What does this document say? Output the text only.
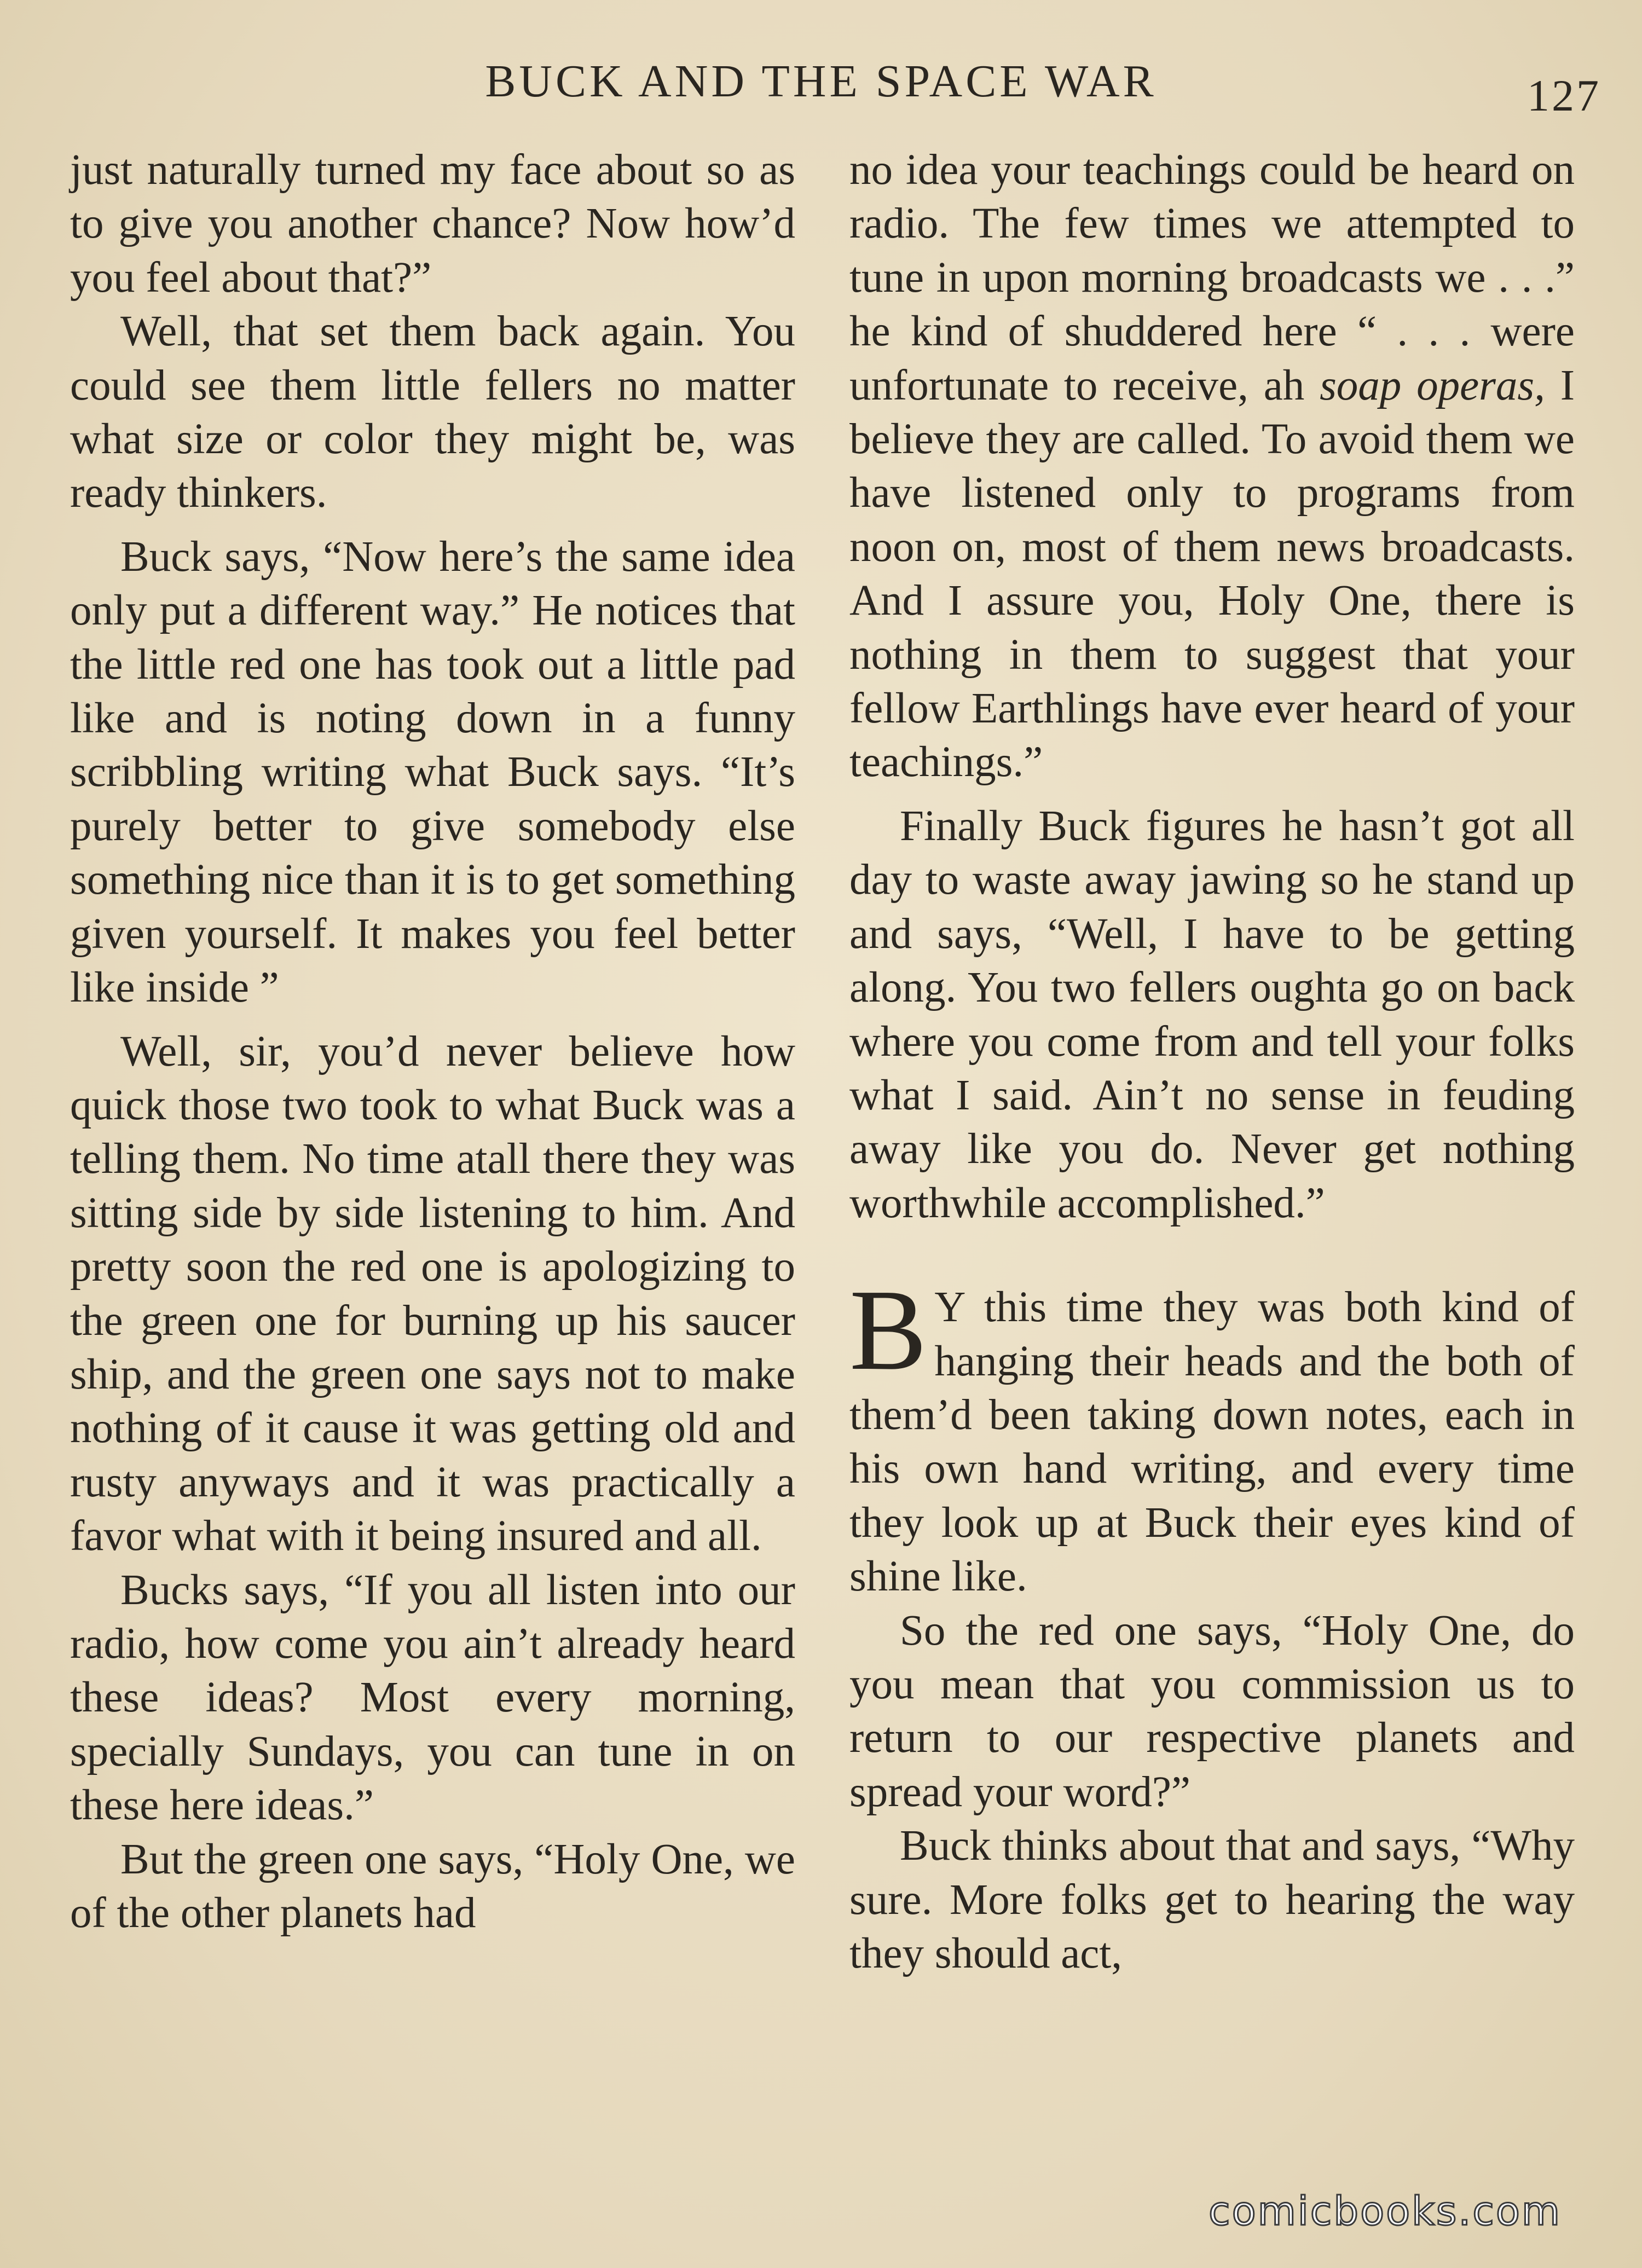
BUCK AND THE SPACE WAR	127

just naturally turned my face about so as to give you another chance? Now how’d you feel about that?”

Well, that set them back again. You could see them little fellers no matter what size or color they might be, was ready thinkers.

Buck says, “Now here’s the same idea only put a different way.” He notices that the little red one has took out a little pad like and is noting down in a funny scribbling writing what Buck says. “It’s purely better to give somebody else something nice than it is to get something given yourself. It makes you feel better like inside ”

Well, sir, you’d never believe how quick those two took to what Buck was a telling them. No time atall there they was sitting side by side listening to him. And pretty soon the red one is apologizing to the green one for burning up his saucer ship, and the green one says not to make nothing of it cause it was getting old and rusty anyways and it was practically a favor what with it being insured and all.

Bucks says, “If you all listen into our radio, how come you ain’t already heard these ideas? Most every morning, specially Sundays, you can tune in on these here ideas.”

But the green one says, “Holy One, we of the other planets had

no idea your teachings could be heard on radio. The few times we attempted to tune in upon morning broadcasts we . . .” he kind of shuddered here “ . . . were unfortunate to receive, ah soap operas, I believe they are called. To avoid them we have listened only to programs from noon on, most of them news broadcasts. And I assure you, Holy One, there is nothing in them to suggest that your fellow Earthlings have ever heard of your teachings.”

Finally Buck figures he hasn’t got all day to waste away jawing so he stand up and says, “Well, I have to be getting along. You two fellers oughta go on back where you come from and tell your folks what I said. Ain’t no sense in feuding away like you do. Never get nothing worthwhile accomplished.”

B Y this time they was both kind of hanging their heads and the both of them’d been taking down notes, each in his own hand writing, and every time they look up at Buck their eyes kind of shine like.

So the red one says, “Holy One, do you mean that you commission us to return to our respective planets and spread your word?”

Buck thinks about that and says, “Why sure. More folks get to hearing the way they should act,

comicbooks.com
